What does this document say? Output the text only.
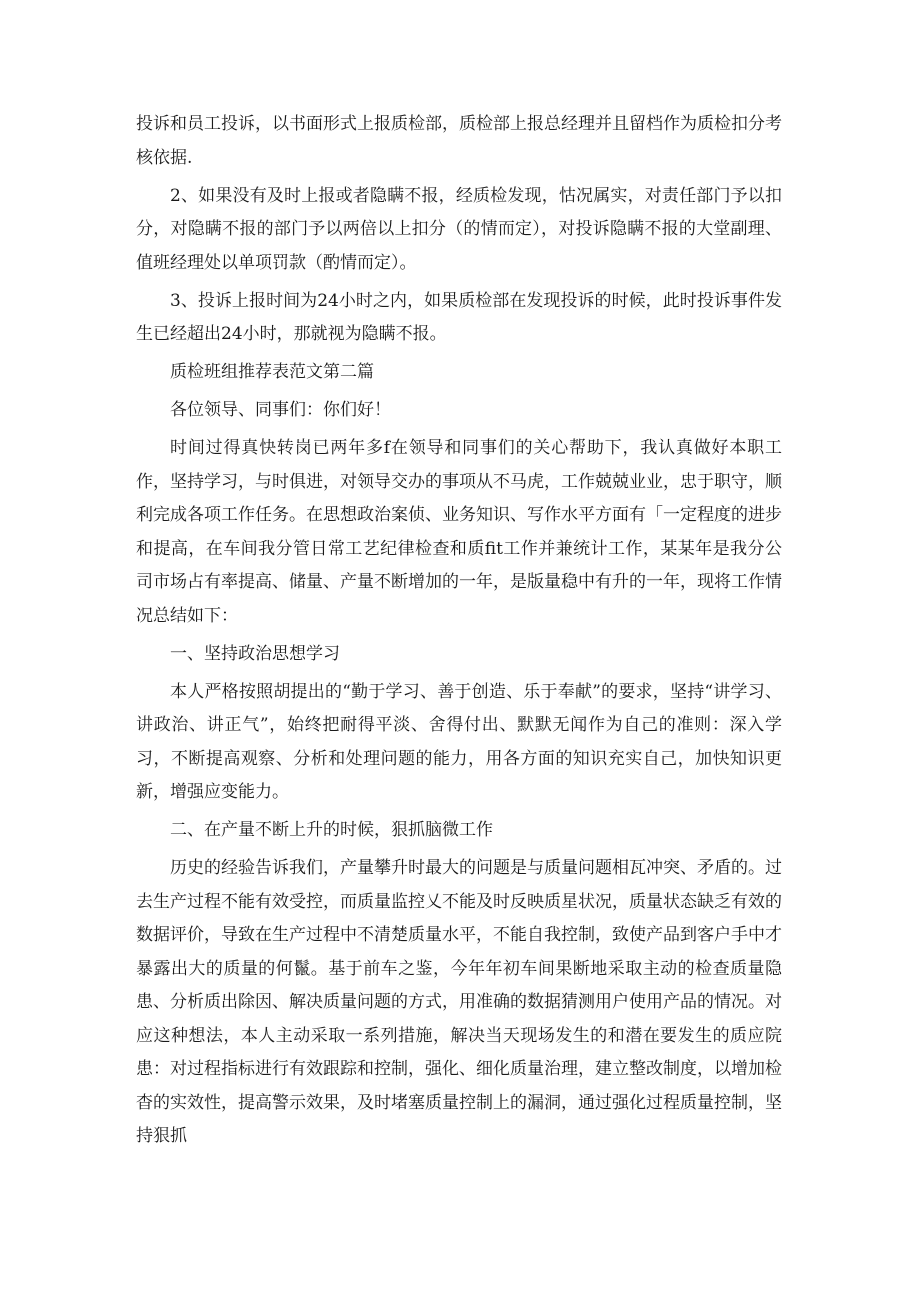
投诉和员工投诉，以书面形式上报质检部，质检部上报总经理并且留档作为质检扣分考核依据.

2、如果没有及时上报或者隐瞒不报，经质检发现，怙况属实，对责任部门予以扣分，对隐瞒不报的部门予以两倍以上扣分（的情而定），对投诉隐瞒不报的大堂副理、值班经理处以单项罚款（酌情而定）。

3、投诉上报时间为24小时之内，如果质检部在发现投诉的时候，此时投诉事件发生已经超出24小时，那就视为隐瞒不报。

质检班组推荐表范文第二篇

各位领导、同事们：你们好！

时间过得真快转岗已两年多f在领导和同事们的关心帮助下，我认真做好本职工作，坚持学习，与时俱进，对领导交办的事项从不马虎，工作兢兢业业，忠于职守，顺利完成各项工作任务。在思想政治案侦、业务知识、写作水平方面有「一定程度的进步和提高，在车间我分管日常工艺纪律检查和质fit工作并兼统计工作，某某年是我分公司市场占有率提高、储量、产量不断增加的一年，是版量稳中有升的一年，现将工作情况总结如下：

一、坚持政治思想学习

本人严格按照胡提出的“勤于学习、善于创造、乐于奉献”的要求，坚持“讲学习、讲政治、讲正气”，始终把耐得平淡、舍得付出、默默无闻作为自己的准则：深入学习，不断提高观察、分析和处理问题的能力，用各方面的知识充实自己，加快知识更新，增强应变能力。

二、在产量不断上升的时候，狠抓脑微工作

历史的经验告诉我们，产量攀升时最大的问题是与质量问题相瓦冲突、矛盾的。过去生产过程不能有效受控，而质量监控乂不能及时反映质星状况，质量状态缺乏有效的数据评价，导致在生产过程中不清楚质量水平，不能自我控制，致使产品到客户手中才暴露出大的质量的何鬣。基于前车之鉴，今年年初车间果断地采取主动的检查质量隐患、分析质出除因、解决质量问题的方式，用准确的数据猜测用户使用产品的情况。对应这种想法，本人主动采取一系列措施，解决当天现场发生的和潜在要发生的质应院患：对过程指标进行有效跟踪和控制，强化、细化质量治理，建立整改制度，以增加检杳的实效性，提高警示效果，及时堵塞质量控制上的漏洞，通过强化过程质量控制，坚持狠抓
